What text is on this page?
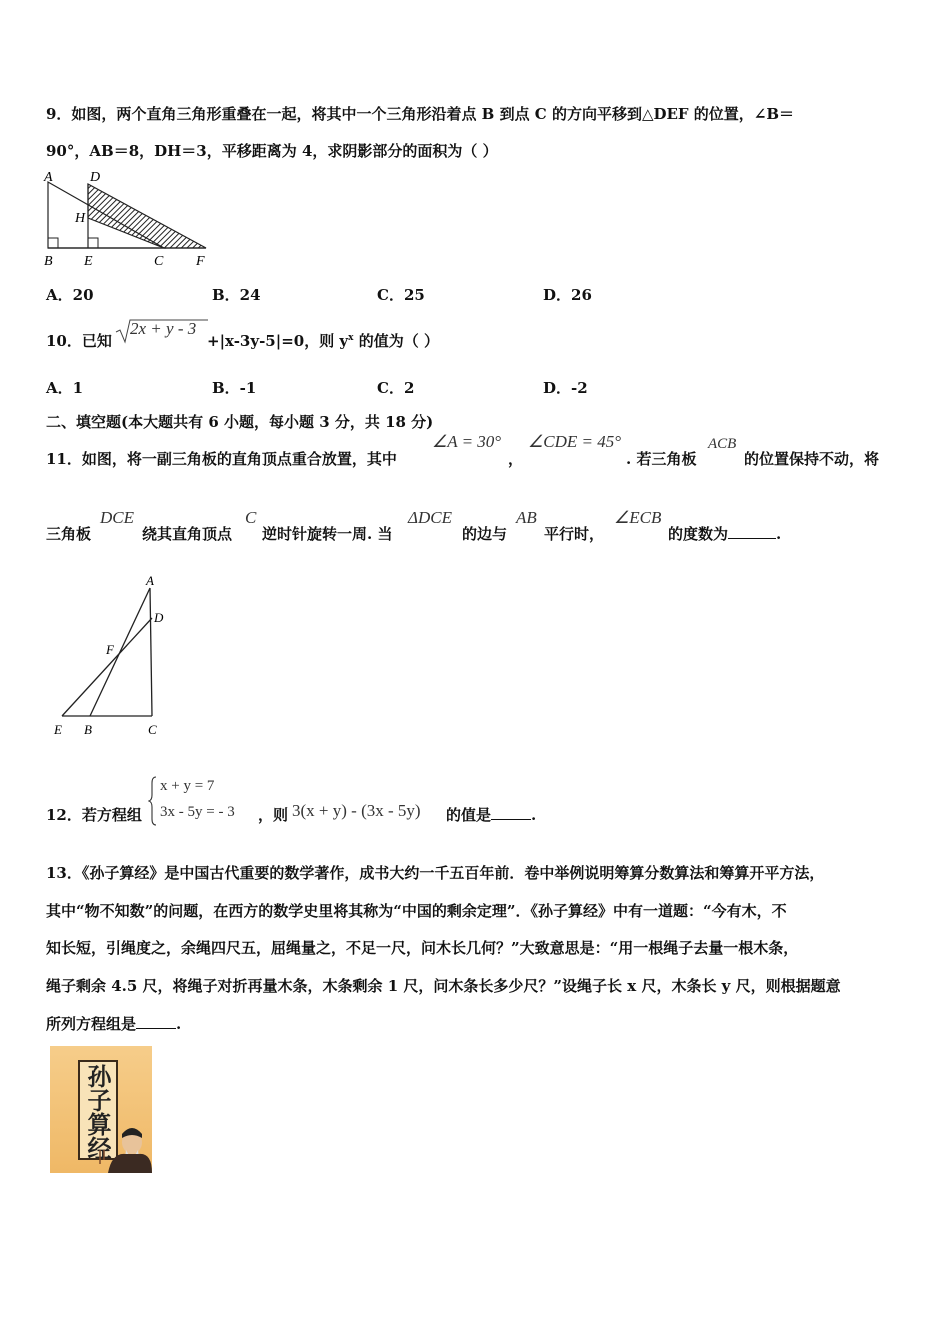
9．如图，两个直角三角形重叠在一起，将其中一个三角形沿着点 B 到点 C 的方向平移到△DEF 的位置，∠B＝
90°，AB＝8，DH＝3，平移距离为 4，求阴影部分的面积为（ ）
A	D
H
B E	C F
A．20	B．24	C．25	D．26
10．已知
2x + y - 3
+|x-3y-5|=0，则 $y^x$ 的值为（ ）
A．1	B．-1	C．2	D．-2
二、填空题(本大题共有 6 小题，每小题 3 分，共 18 分)
11．如图，将一副三角板的直角顶点重合放置，其中
∠A = 30°
，
∠CDE = 45°
. 若三角板
ACB
的位置保持不动，将
三角板
DCE
绕其直角顶点
C
逆时针旋转一周. 当
ΔDCE
的边与
AB
平行时，
∠ECB
的度数为	.
A
D
F
E B	C
12．若方程组
x + y = 7
3x - 5y = - 3 ，则 3(x + y) - (3x - 5y) 的值是	.
13．《孙子算经》是中国古代重要的数学著作，成书大约一千五百年前．卷中举例说明筹算分数算法和筹算开平方法，
其中“物不知数”的问题，在西方的数学史里将其称为“中国的剩余定理”．《孙子算经》中有一道题：“今有木，不
知长短，引绳度之，余绳四尺五，屈绳量之，不足一尺，问木长几何？”大致意思是：“用一根绳子去量一根木条，
绳子剩余 4.5 尺，将绳子对折再量木条，木条剩余 1 尺，问木条长多少尺？”设绳子长 x 尺，木条长 y 尺，则根据题意
所列方程组是	.
孙子算经
